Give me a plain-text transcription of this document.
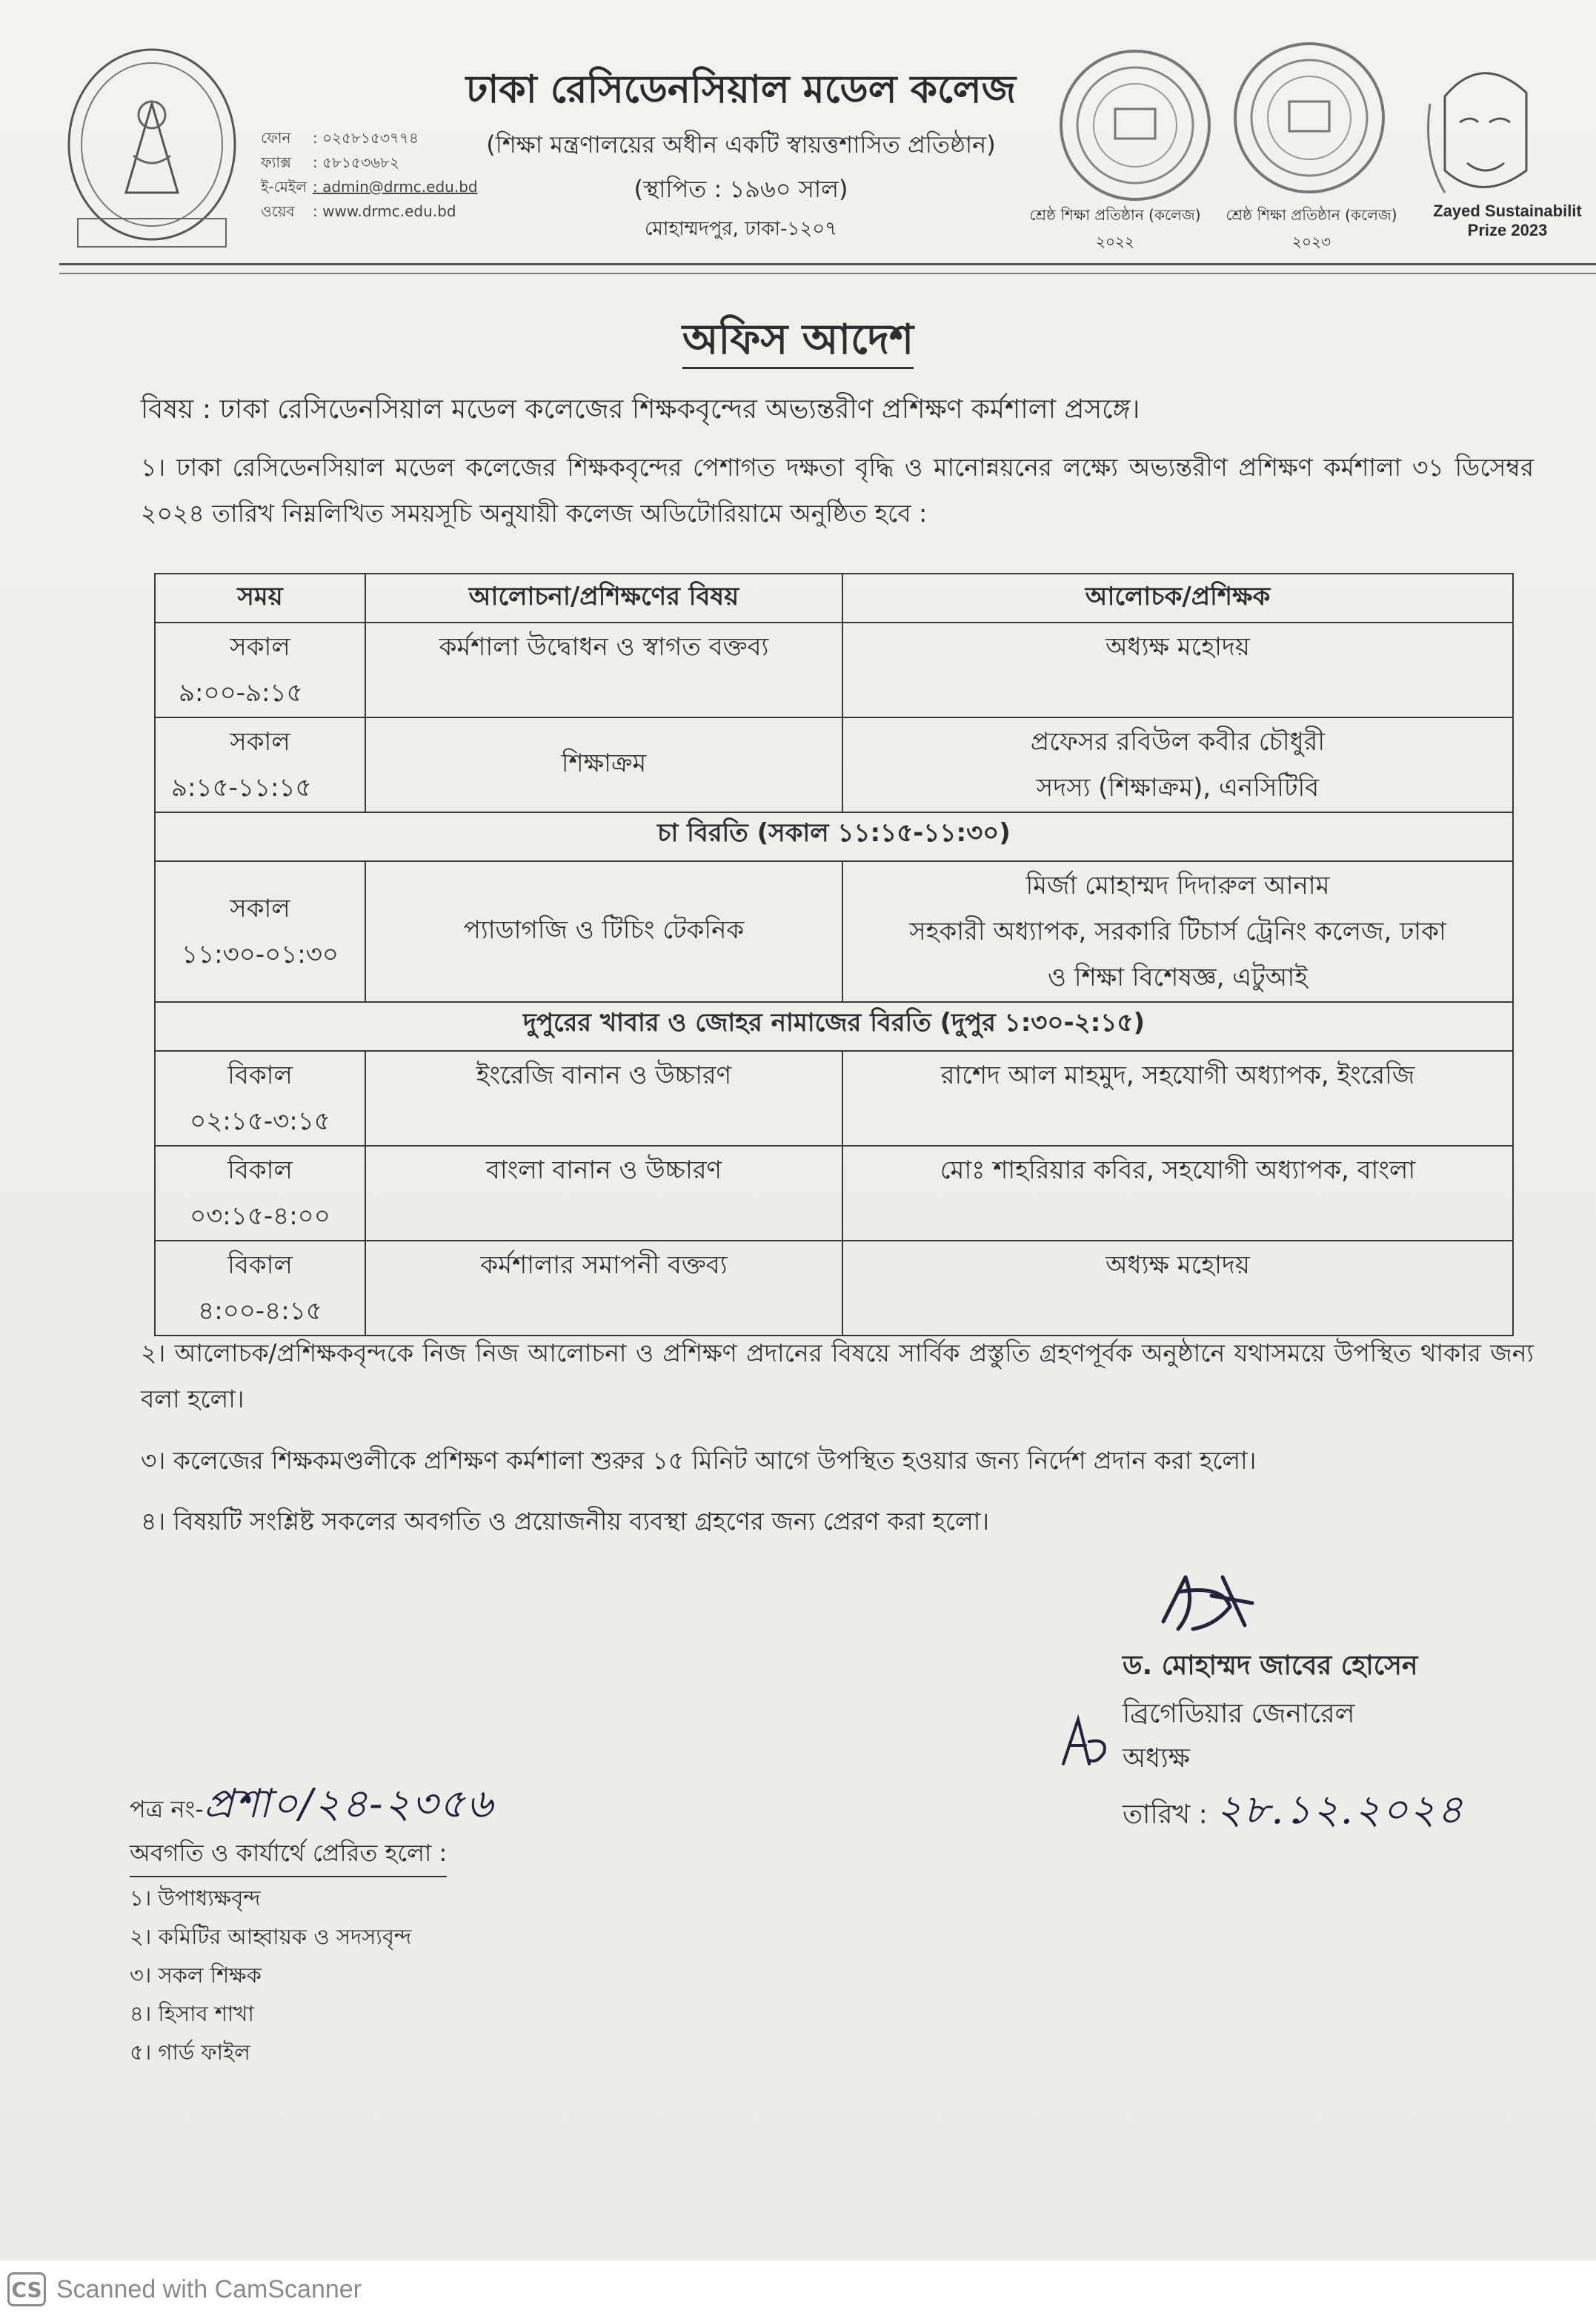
ফোন	: ০২৫৮১৫৩৭৭৪
ফ্যাক্স	: ৫৮১৫৩৬৮২
ই-মেইল : admin@drmc.edu.bd
ওয়েব	: www.drmc.edu.bd
ঢাকা রেসিডেনসিয়াল মডেল কলেজ
(শিক্ষা মন্ত্রণালয়ের অধীন একটি স্বায়ত্তশাসিত প্রতিষ্ঠান)
(স্থাপিত : ১৯৬০ সাল)
মোহাম্মদপুর, ঢাকা-১২০৭
শ্রেষ্ঠ শিক্ষা প্রতিষ্ঠান (কলেজ)
২০২২
শ্রেষ্ঠ শিক্ষা প্রতিষ্ঠান (কলেজ)
২০২৩
Zayed Sustainabilit
Prize 2023
অফিস আদেশ
বিষয় : ঢাকা রেসিডেনসিয়াল মডেল কলেজের শিক্ষকবৃন্দের অভ্যন্তরীণ প্রশিক্ষণ কর্মশালা প্রসঙ্গে।
১। ঢাকা রেসিডেনসিয়াল মডেল কলেজের শিক্ষকবৃন্দের পেশাগত দক্ষতা বৃদ্ধি ও মানোন্নয়নের লক্ষ্যে অভ্যন্তরীণ প্রশিক্ষণ কর্মশালা ৩১ ডিসেম্বর ২০২৪ তারিখ নিম্নলিখিত সময়সূচি অনুযায়ী কলেজ অডিটোরিয়ামে অনুষ্ঠিত হবে :
সময়	আলোচনা/প্রশিক্ষণের বিষয়	আলোচক/প্রশিক্ষক

সকাল
৯:০০-৯:১৫	কর্মশালা উদ্বোধন ও স্বাগত বক্তব্য	অধ্যক্ষ মহোদয়

সকাল
৯:১৫-১১:১৫	শিক্ষাক্রম	প্রফেসর রবিউল কবীর চৌধুরী
সদস্য (শিক্ষাক্রম), এনসিটিবি
চা বিরতি (সকাল ১১:১৫-১১:৩০)		

সকাল
১১:৩০-০১:৩০	প্যাডাগজি ও টিচিং টেকনিক	মির্জা মোহাম্মদ দিদারুল আনাম
সহকারী অধ্যাপক, সরকারি টিচার্স ট্রেনিং কলেজ, ঢাকা
ও শিক্ষা বিশেষজ্ঞ, এটুআই
দুপুরের খাবার ও জোহর নামাজের বিরতি (দুপুর ১:৩০-২:১৫)		

বিকাল
০২:১৫-৩:১৫	ইংরেজি বানান ও উচ্চারণ	রাশেদ আল মাহমুদ, সহযোগী অধ্যাপক, ইংরেজি

বিকাল
০৩:১৫-৪:০০	বাংলা বানান ও উচ্চারণ	মোঃ শাহরিয়ার কবির, সহযোগী অধ্যাপক, বাংলা

বিকাল
৪:০০-৪:১৫	কর্মশালার সমাপনী বক্তব্য	অধ্যক্ষ মহোদয়
২। আলোচক/প্রশিক্ষকবৃন্দকে নিজ নিজ আলোচনা ও প্রশিক্ষণ প্রদানের বিষয়ে সার্বিক প্রস্তুতি গ্রহণপূর্বক অনুষ্ঠানে যথাসময়ে উপস্থিত থাকার জন্য বলা হলো।
৩। কলেজের শিক্ষকমণ্ডলীকে প্রশিক্ষণ কর্মশালা শুরুর ১৫ মিনিট আগে উপস্থিত হওয়ার জন্য নির্দেশ প্রদান করা হলো।
৪। বিষয়টি সংশ্লিষ্ট সকলের অবগতি ও প্রয়োজনীয় ব্যবস্থা গ্রহণের জন্য প্রেরণ করা হলো।
ড. মোহাম্মদ জাবের হোসেন
ব্রিগেডিয়ার জেনারেল
অধ্যক্ষ
তারিখ : ২৮.১২.২০২৪
পত্র নং-প্রশা০/২৪-২৩৫৬
অবগতি ও কার্যার্থে প্রেরিত হলো :
১। উপাধ্যক্ষবৃন্দ
২। কমিটির আহ্বায়ক ও সদস্যবৃন্দ
৩। সকল শিক্ষক
৪। হিসাব শাখা
৫। গার্ড ফাইল
CS Scanned with CamScanner
